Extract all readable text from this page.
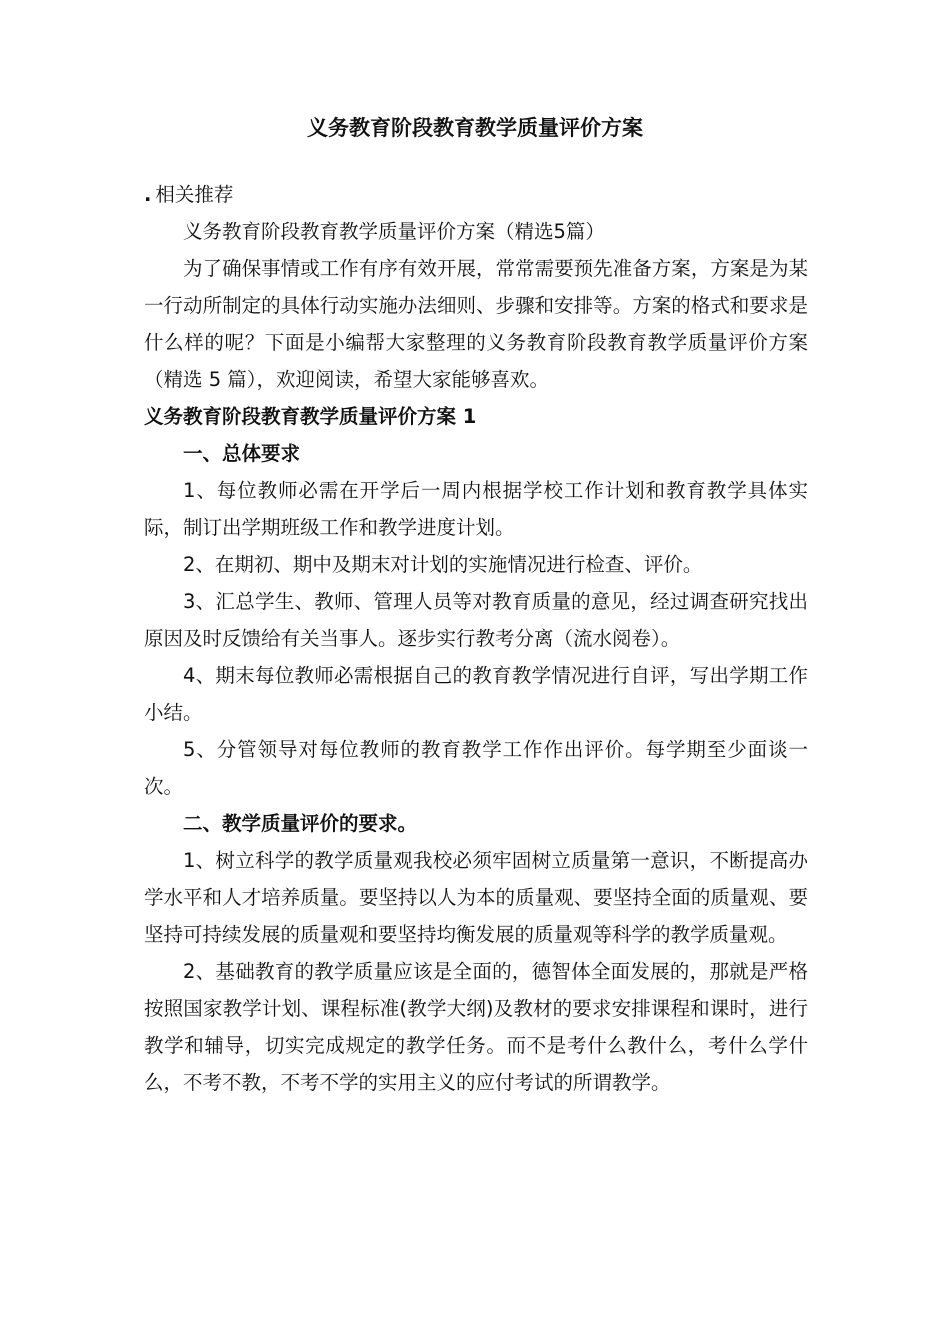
义务教育阶段教育教学质量评价方案

. 相关推荐

义务教育阶段教育教学质量评价方案（精选5篇）

为了确保事情或工作有序有效开展，常常需要预先准备方案，方案是为某一行动所制定的具体行动实施办法细则、步骤和安排等。方案的格式和要求是什么样的呢？下面是小编帮大家整理的义务教育阶段教育教学质量评价方案（精选 5 篇），欢迎阅读，希望大家能够喜欢。

义务教育阶段教育教学质量评价方案 1

一、总体要求

1、每位教师必需在开学后一周内根据学校工作计划和教育教学具体实际，制订出学期班级工作和教学进度计划。

2、在期初、期中及期末对计划的实施情况进行检查、评价。

3、汇总学生、教师、管理人员等对教育质量的意见，经过调查研究找出原因及时反馈给有关当事人。逐步实行教考分离（流水阅卷）。

4、期末每位教师必需根据自己的教育教学情况进行自评，写出学期工作小结。

5、分管领导对每位教师的教育教学工作作出评价。每学期至少面谈一次。

二、教学质量评价的要求。

1、树立科学的教学质量观我校必须牢固树立质量第一意识，不断提高办学水平和人才培养质量。要坚持以人为本的质量观、要坚持全面的质量观、要坚持可持续发展的质量观和要坚持均衡发展的质量观等科学的教学质量观。

2、基础教育的教学质量应该是全面的，德智体全面发展的，那就是严格按照国家教学计划、课程标准(教学大纲)及教材的要求安排课程和课时，进行教学和辅导，切实完成规定的教学任务。而不是考什么教什么，考什么学什么，不考不教，不考不学的实用主义的应付考试的所谓教学。
